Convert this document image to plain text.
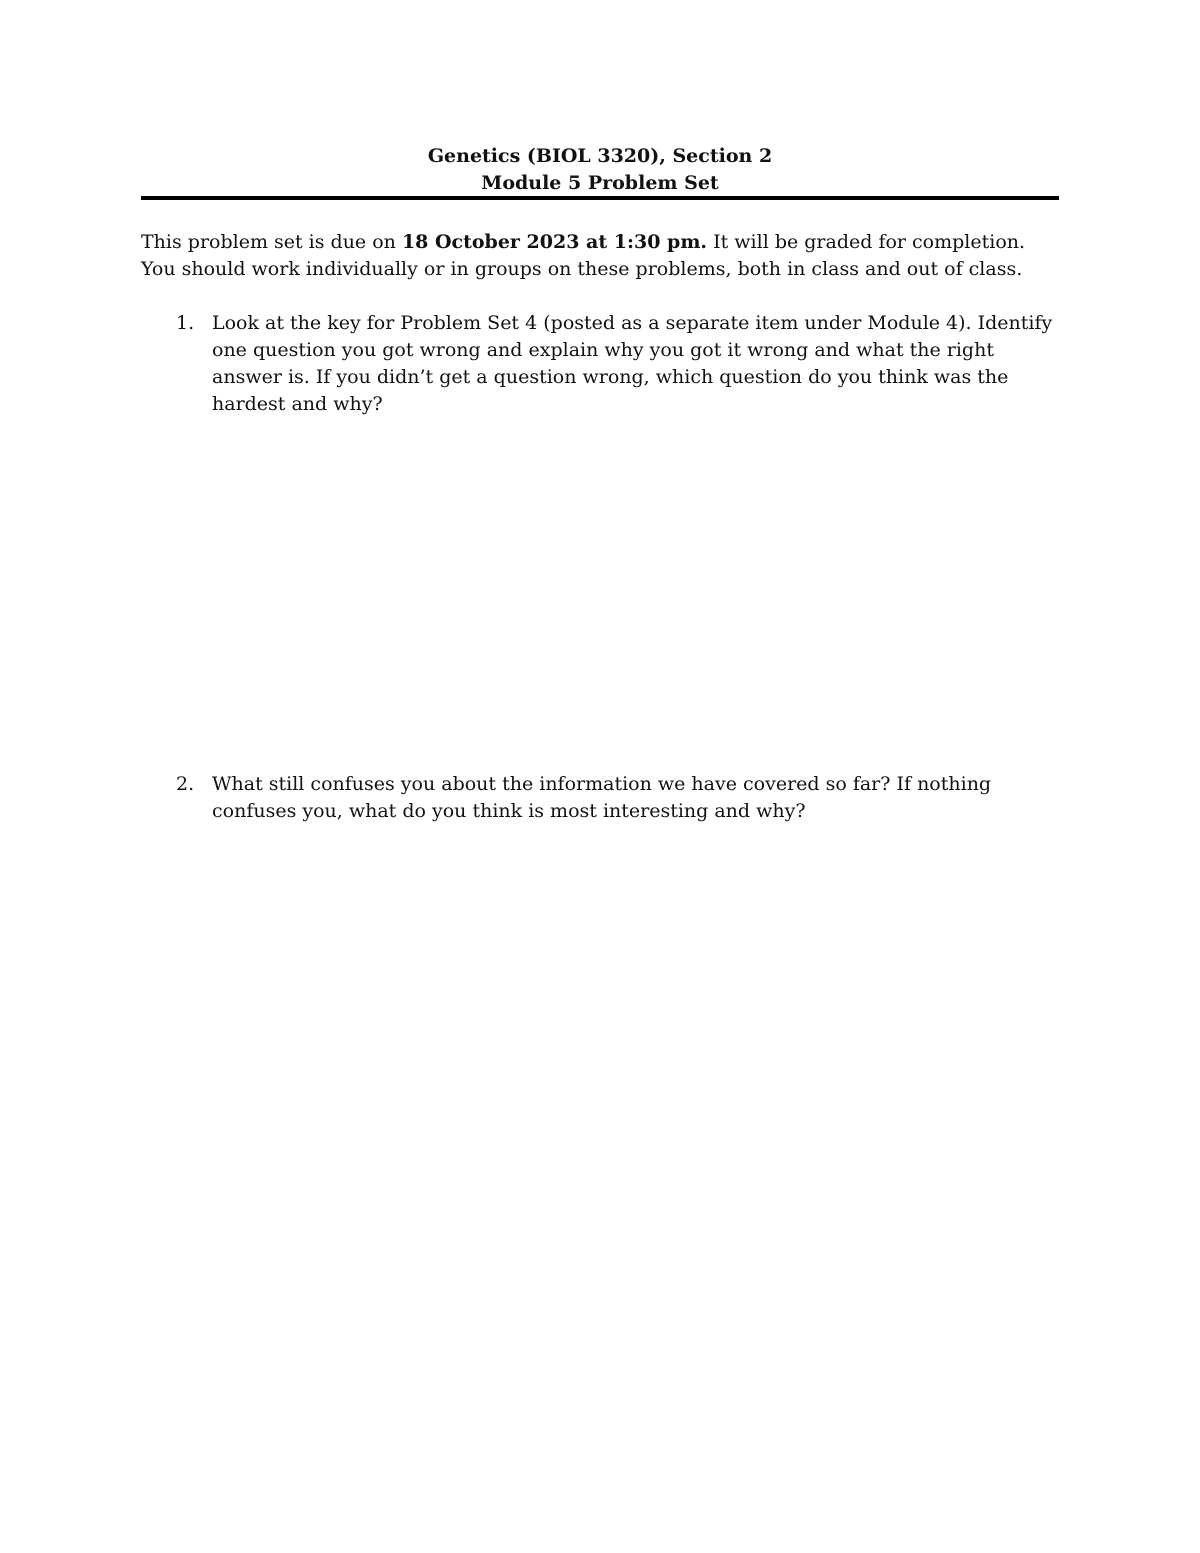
Genetics (BIOL 3320), Section 2
Module 5 Problem Set
This problem set is due on 18 October 2023 at 1:30 pm. It will be graded for completion. You should work individually or in groups on these problems, both in class and out of class.
1. Look at the key for Problem Set 4 (posted as a separate item under Module 4). Identify one question you got wrong and explain why you got it wrong and what the right answer is. If you didn’t get a question wrong, which question do you think was the hardest and why?
2. What still confuses you about the information we have covered so far? If nothing confuses you, what do you think is most interesting and why?
